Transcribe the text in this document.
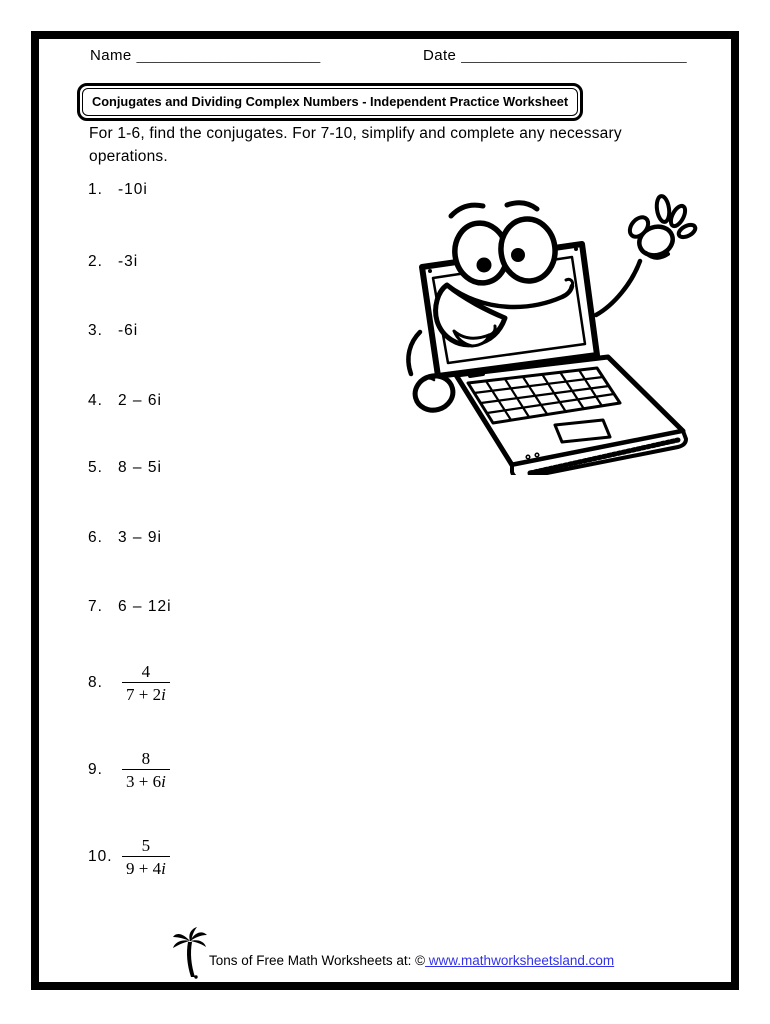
Name ______________________	Date ___________________________
Conjugates and Dividing Complex Numbers - Independent Practice Worksheet
For 1-6, find the conjugates. For 7-10, simplify and complete any necessary operations.
1. -10i
2. -3i
3. -6i
4. 2 – 6i
5. 8 – 5i
6. 3 – 9i
7. 6 – 12i
8.	$\frac{4}{7 + 2i}$
9.	$\frac{8}{3 + 6i}$
10. $\frac{5}{9 + 4i}$
Tons of Free Math Worksheets at: © www.mathworksheetsland.com
